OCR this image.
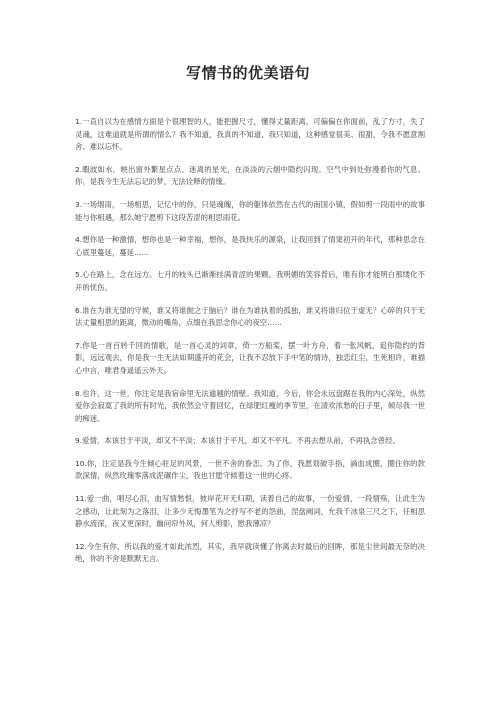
写情书的优美语句

1.一直自以为在感情方面是个很理智的人，能把握尺寸，懂得丈量距离、可偏偏在你面前，乱了方寸，失了灵魂，这难道就是所谓的情么？我不知道，我真的不知道，我只知道，这种感觉很美、很甜，令我不愿意割舍、难以忘怀。

2.暇波如水，映出窗外繁星点点、迷离的星光，在淡淡的云烟中隐约闪现。空气中到处弥漫着你的气息、你、是我今生无法忘记的梦，无法诠释的情缘。

3.一场烟雨，一场相思，记忆中的你，只是魂魄，你的躯体依然在古代的南国小镇，假如剪一段雨中的故事能与你相遇，那么她宁愿剪下这段苦涩的相思雨花。

4.想你是一种激情，想你也是一种幸福，想你，是我快乐的源泉，让我回到了情窦初开的年代，那种思念在心底里蔓延，蔓延……

5.心在路上，念在远方。七月的枝头已渐渐挂满青涩的果颗。我明媚的笑容背后，唯有你才能明白那缕化不开的忧伤。

6.谁在为谁无望的守候，谁又将谁抛之于脑后？谁在为谁执着的孤独，谁又将谁归位于虚无？心碎的只于无法丈量相思的距离，微动的嘴角，点缀在我思念你心的夜空……

7.你是一首百转千回的情歌，是一首心灵的词章，倚一方船桨，摆一叶方舟，着一张风帆，追你隐约的背影，远远观去，你是我一生无法如期盛开的花会，让我不忍放下手中笔的情诗，独恋红尘，生死相许，难描心中言，唯君身遥遥云外天。

8.也许，这一世，你注定是我宿命里无法逾越的情壁。我知道，今后，你会永远盘踞在我的内心深处，纵然爱你会寂寞了我的所有时光，我依然会守着回忆，在绿肥红瘦的季节里，在清欢浓愁的日子里，倾尽我一世的痴迷。

9.爱情，本该甘于平淡，却又不平淡；本该甘于平凡，却又不平凡。不再去想从前，不再执念曾经。

10.你，注定是我今生倾心驻足的风景，一世不舍的眷恋。为了你，我愿划破手指，滴血成圈，圈住你的款款深情，纵然玫瑰零落成泥碾作尘，我也甘愿守候着这一世的心疼。

11.爱一曲，唱尽心泪，血写情愁恨，彼岸花开无归期，读着自己的故事，一份爱情，一段情殇，让此生为之感动，让此刻为之落泪，让多少无悔墨笔为之抒写不老的怨曲，涅盘阙词，允我千冰泉三尺之下，任相思静水流深，夜又更深时，幽问帘外风，何人剪影，慰我薄凉？

12.今生有你，所以我的爱才如此浓烈，其实，我早就读懂了你离去时最后的回眸，那是尘世间最无奈的决绝，你的不舍是默默无言。
